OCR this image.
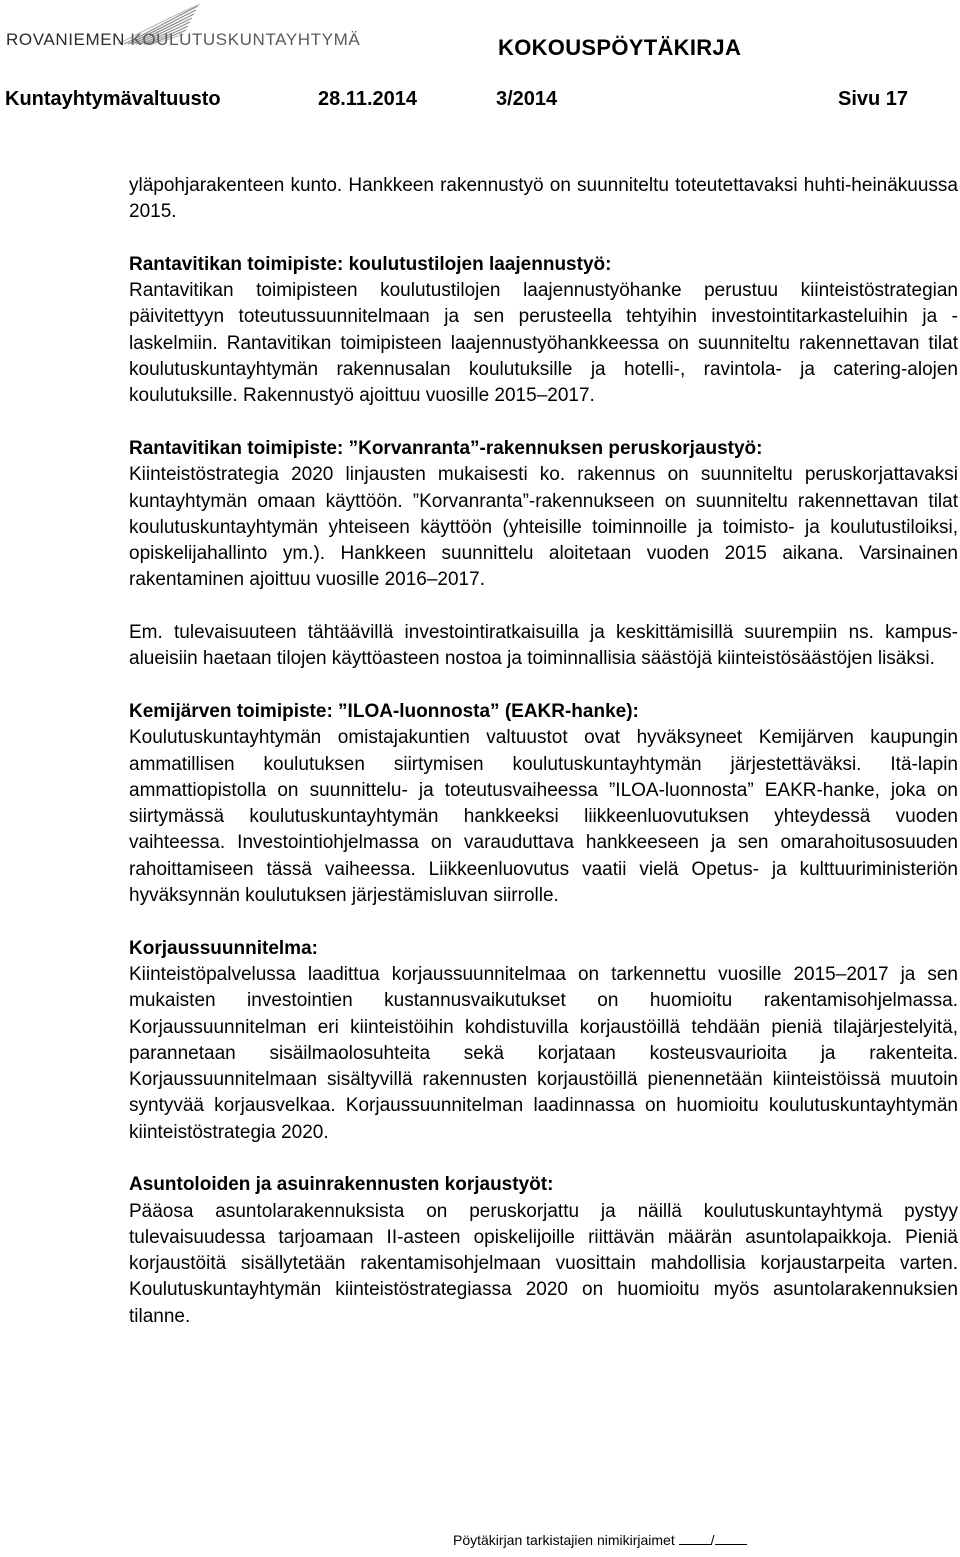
ROVANIEMEN KOULUTUSKUNTAYHTYMÄ	KOKOUSPÖYTÄKIRJA
Kuntayhtymävaltuusto	28.11.2014	3/2014	Sivu 17

yläpohjarakenteen kunto. Hankkeen rakennustyö on suunniteltu toteutettavaksi huhti-heinäkuussa 2015.

Rantavitikan toimipiste: koulutustilojen laajennustyö:

Rantavitikan toimipisteen koulutustilojen laajennustyöhanke perustuu kiinteistöstrategian päivitettyyn toteutussuunnitelmaan ja sen perusteella tehtyihin investointitarkasteluihin ja -laskelmiin. Rantavitikan toimipisteen laajennustyöhankkeessa on suunniteltu rakennettavan tilat koulutuskuntayhtymän rakennusalan koulutuksille ja hotelli-, ravintola- ja catering-alojen koulutuksille. Rakennustyö ajoittuu vuosille 2015–2017.

Rantavitikan toimipiste: ”Korvanranta”-rakennuksen peruskorjaustyö:

Kiinteistöstrategia 2020 linjausten mukaisesti ko. rakennus on suunniteltu peruskorjattavaksi kuntayhtymän omaan käyttöön. ”Korvanranta”-rakennukseen on suunniteltu rakennettavan tilat koulutuskuntayhtymän yhteiseen käyttöön (yhteisille toiminnoille ja toimisto- ja koulutustiloiksi, opiskelijahallinto ym.). Hankkeen suunnittelu aloitetaan vuoden 2015 aikana. Varsinainen rakentaminen ajoittuu vuosille 2016–2017.

Em. tulevaisuuteen tähtäävillä investointiratkaisuilla ja keskittämisillä suurempiin ns. kampus-alueisiin haetaan tilojen käyttöasteen nostoa ja toiminnallisia säästöjä kiinteistösäästöjen lisäksi.

Kemijärven toimipiste: ”ILOA-luonnosta” (EAKR-hanke):

Koulutuskuntayhtymän omistajakuntien valtuustot ovat hyväksyneet Kemijärven kaupungin ammatillisen koulutuksen siirtymisen koulutuskuntayhtymän järjestettäväksi. Itä-lapin ammattiopistolla on suunnittelu- ja toteutusvaiheessa ”ILOA-luonnosta” EAKR-hanke, joka on siirtymässä koulutuskuntayhtymän hankkeeksi liikkeenluovutuksen yhteydessä vuoden vaihteessa. Investointiohjelmassa on varauduttava hankkeeseen ja sen omarahoitusosuuden rahoittamiseen tässä vaiheessa. Liikkeenluovutus vaatii vielä Opetus- ja kulttuuriministeriön hyväksynnän koulutuksen järjestämisluvan siirrolle.

Korjaussuunnitelma:

Kiinteistöpalvelussa laadittua korjaussuunnitelmaa on tarkennettu vuosille 2015–2017 ja sen mukaisten investointien kustannusvaikutukset on huomioitu rakentamisohjelmassa. Korjaussuunnitelman eri kiinteistöihin kohdistuvilla korjaustöillä tehdään pieniä tilajärjestelyitä, parannetaan sisäilmaolosuhteita sekä korjataan kosteusvaurioita ja rakenteita. Korjaussuunnitelmaan sisältyvillä rakennusten korjaustöillä pienennetään kiinteistöissä muutoin syntyvää korjausvelkaa. Korjaussuunnitelman laadinnassa on huomioitu koulutuskuntayhtymän kiinteistöstrategia 2020.

Asuntoloiden ja asuinrakennusten korjaustyöt:

Pääosa asuntolarakennuksista on peruskorjattu ja näillä koulutuskuntayhtymä pystyy tulevaisuudessa tarjoamaan II-asteen opiskelijoille riittävän määrän asuntolapaikkoja. Pieniä korjaustöitä sisällytetään rakentamisohjelmaan vuosittain mahdollisia korjaustarpeita varten. Koulutuskuntayhtymän kiinteistöstrategiassa 2020 on huomioitu myös asuntolarakennuksien tilanne.

Pöytäkirjan tarkistajien nimikirjaimet	/
